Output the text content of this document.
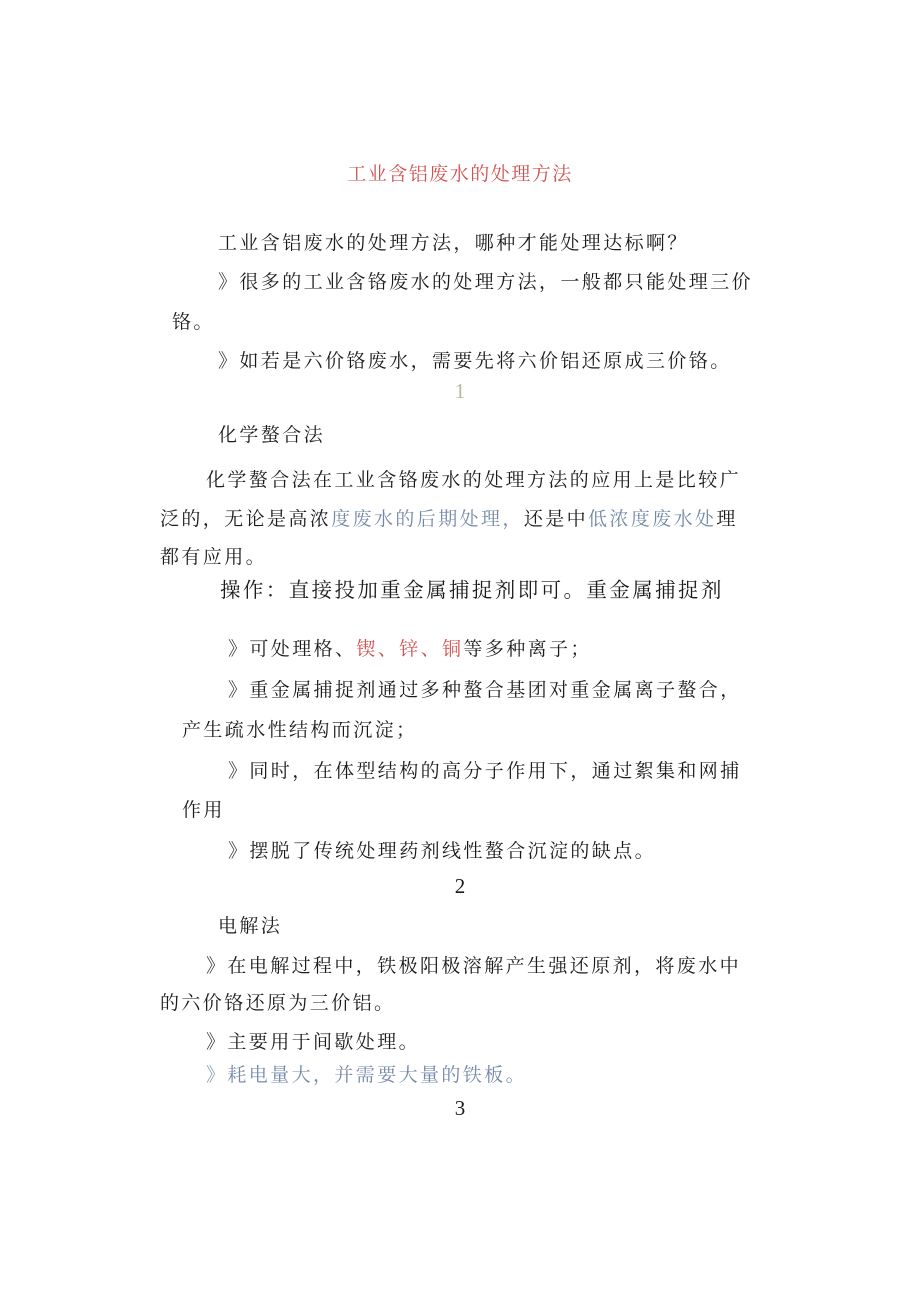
工业含铝废水的处理方法
工业含铝废水的处理方法，哪种才能处理达标啊？
》很多的工业含铬废水的处理方法，一般都只能处理三价
铬。
》如若是六价铬废水，需要先将六价铝还原成三价铬。
1
化学螯合法
化学螯合法在工业含铬废水的处理方法的应用上是比较广
泛的，无论是高浓度废水的后期处理，还是中低浓度废水处理
都有应用。
操作：直接投加重金属捕捉剂即可。重金属捕捉剂
》可处理格、锲、锌、铜等多种离子；
》重金属捕捉剂通过多种螯合基团对重金属离子螯合，
产生疏水性结构而沉淀；
》同时，在体型结构的高分子作用下，通过絮集和网捕
作用
》摆脱了传统处理药剂线性螯合沉淀的缺点。
2
电解法
》在电解过程中，铁极阳极溶解产生强还原剂，将废水中
的六价铬还原为三价铝。
》主要用于间歇处理。
》耗电量大，并需要大量的铁板。
3
